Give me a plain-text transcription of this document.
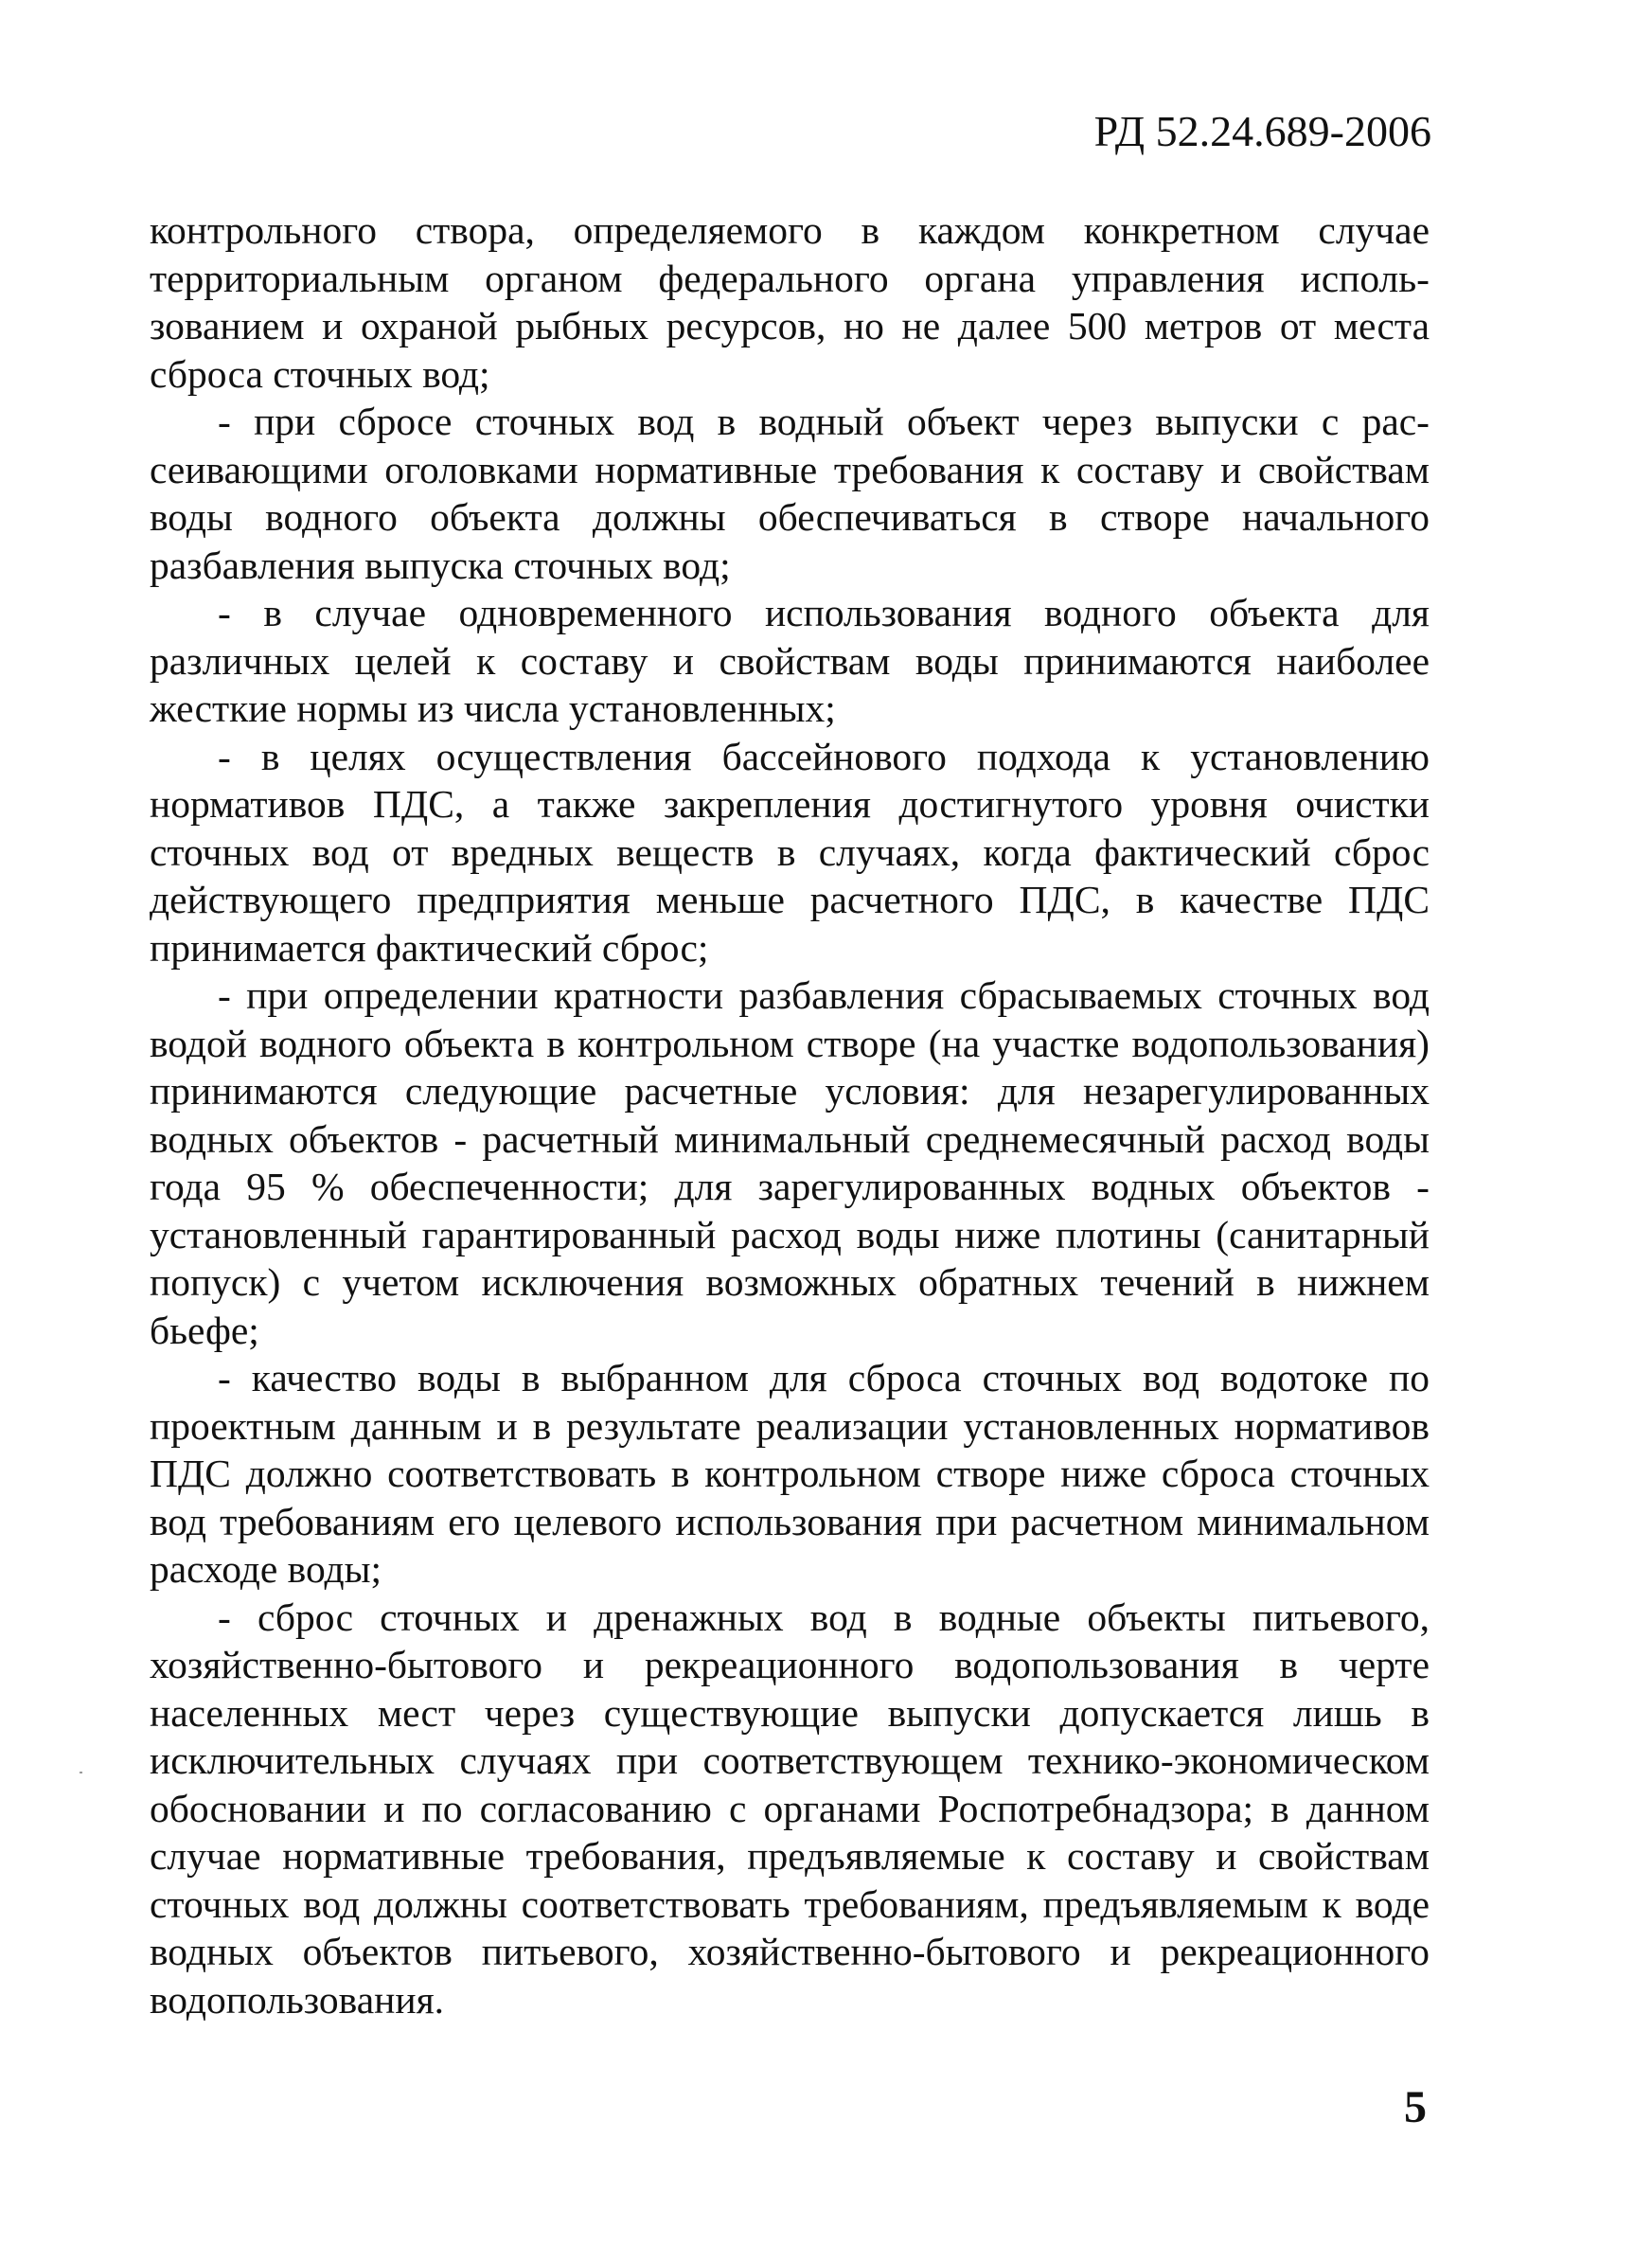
РД 52.24.689-2006

контрольного створа, определяемого в каждом конкретном случае территориальным органом федерального органа управления использованием и охраной рыбных ресурсов, но не далее 500 метров от места сброса сточных вод;

- при сбросе сточных вод в водный объект через выпуски с рассеивающими оголовками нормативные требования к составу и свойствам воды водного объекта должны обеспечиваться в створе начального разбавления выпуска сточных вод;

- в случае одновременного использования водного объекта для различных целей к составу и свойствам воды принимаются наиболее жесткие нормы из числа установленных;

- в целях осуществления бассейнового подхода к установлению нормативов ПДС, а также закрепления достигнутого уровня очистки сточных вод от вредных веществ в случаях, когда фактический сброс действующего предприятия меньше расчетного ПДС, в качестве ПДС принимается фактический сброс;

- при определении кратности разбавления сбрасываемых сточных вод водой водного объекта в контрольном створе (на участке водопользования) принимаются следующие расчетные условия: для незарегулированных водных объектов - расчетный минимальный среднемесячный расход воды года 95 % обеспеченности; для зарегулированных водных объектов - установленный гарантированный расход воды ниже плотины (санитарный попуск) с учетом исключения возможных обратных течений в нижнем бьефе;

- качество воды в выбранном для сброса сточных вод водотоке по проектным данным и в результате реализации установленных нормативов ПДС должно соответствовать в контрольном створе ниже сброса сточных вод требованиям его целевого использования при расчетном минимальном расходе воды;

- сброс сточных и дренажных вод в водные объекты питьевого, хозяйственно-бытового и рекреационного водопользования в черте населенных мест через существующие выпуски допускается лишь в исключительных случаях при соответствующем технико-экономическом обосновании и по согласованию с органами Роспотребнадзора; в данном случае нормативные требования, предъявляемые к составу и свойствам сточных вод должны соответствовать требованиям, предъявляемым к воде водных объектов питьевого, хозяйственно-бытового и рекреационного водопользования.

5
